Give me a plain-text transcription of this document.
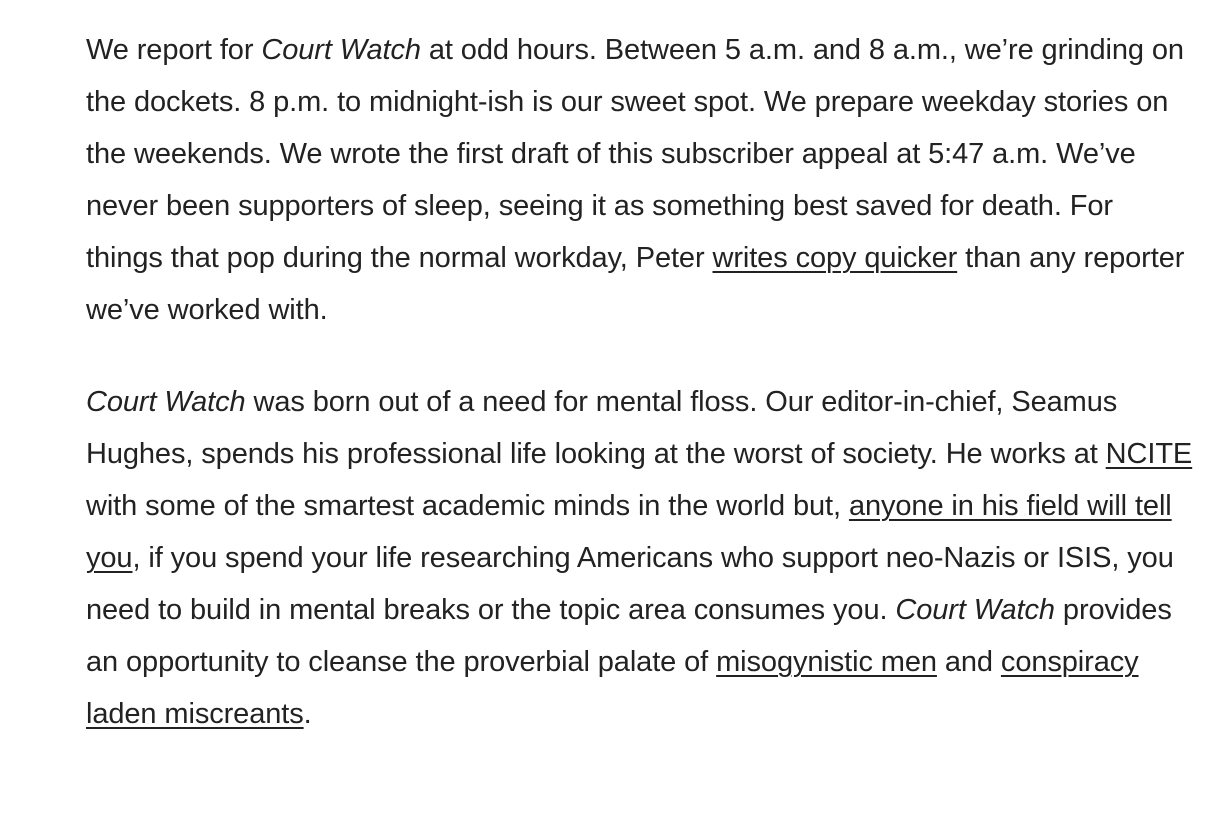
We report for Court Watch at odd hours. Between 5 a.m. and 8 a.m., we’re grinding on the dockets. 8 p.m. to midnight-ish is our sweet spot. We prepare weekday stories on the weekends. We wrote the first draft of this subscriber appeal at 5:47 a.m. We’ve never been supporters of sleep, seeing it as something best saved for death. For things that pop during the normal workday, Peter writes copy quicker than any reporter we’ve worked with.

Court Watch was born out of a need for mental floss. Our editor-in-chief, Seamus Hughes, spends his professional life looking at the worst of society. He works at NCITE with some of the smartest academic minds in the world but, anyone in his field will tell you, if you spend your life researching Americans who support neo-Nazis or ISIS, you need to build in mental breaks or the topic area consumes you. Court Watch provides an opportunity to cleanse the proverbial palate of misogynistic men and conspiracy laden miscreants.
